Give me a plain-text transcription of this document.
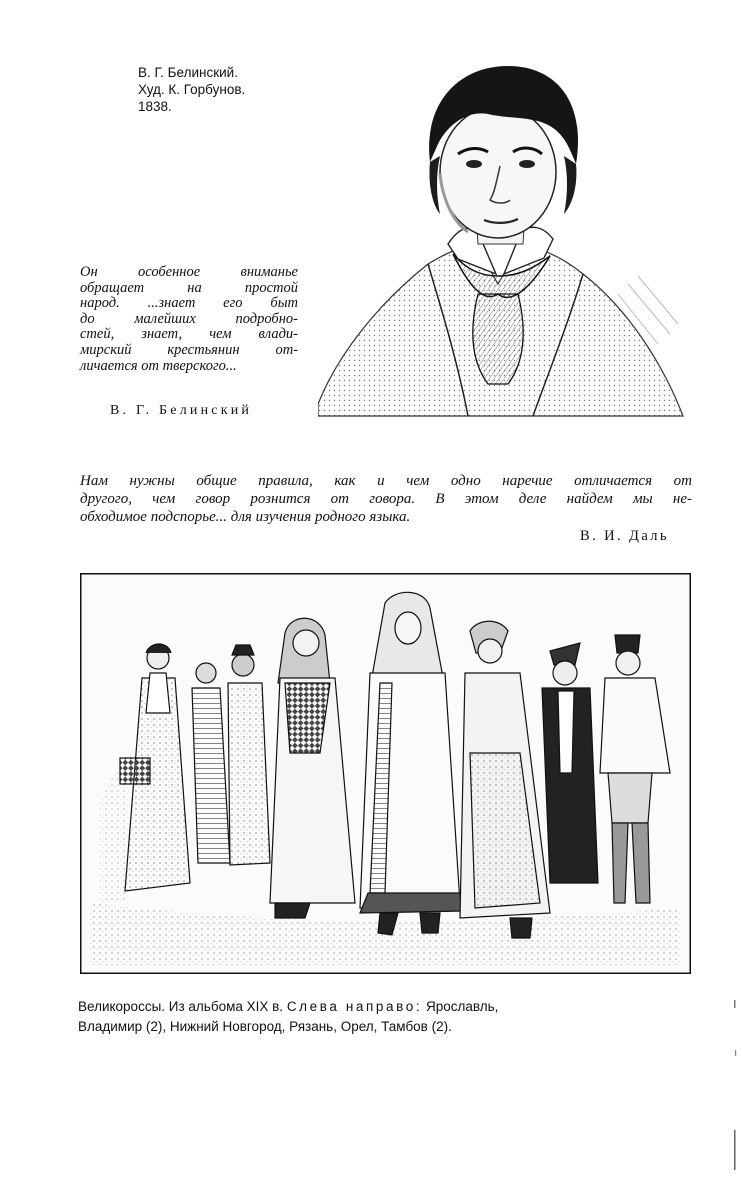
В. Г. Белинский.
Худ. К. Горбунов.
1838.
Он особенное вниманье
обращает на простой
народ. ...знает его быт
до малейших подробно-
стей, знает, чем влади-
мирский крестьянин от-
личается от тверского...
В. Г. Белинский
Нам нужны общие правила, как и чем одно наречие отличается от
другого, чем говор рознится от говора. В этом деле найдем мы не-
обходимое подспорье... для изучения родного языка.
В. И. Даль
Великороссы. Из альбома XIX в. Слева направо: Ярославль,
Владимир (2), Нижний Новгород, Рязань, Орел, Тамбов (2).
